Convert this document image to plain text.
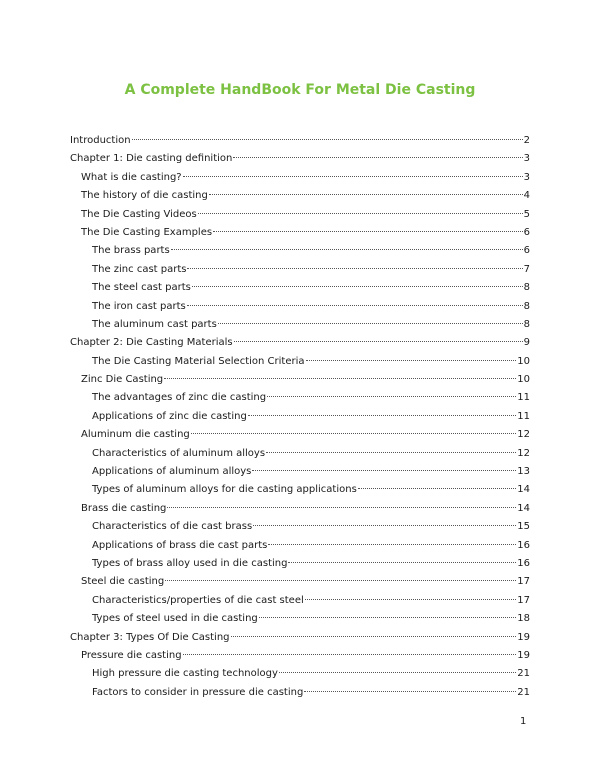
A Complete HandBook For Metal Die Casting
Introduction	2
Chapter 1: Die casting definition	3
What is die casting?	3
The history of die casting	4
The Die Casting Videos	5
The Die Casting Examples	6
The brass parts	6
The zinc cast parts	7
The steel cast parts	8
The iron cast parts	8
The aluminum cast parts	8
Chapter 2: Die Casting Materials	9
The Die Casting Material Selection Criteria	10
Zinc Die Casting	10
The advantages of zinc die casting	11
Applications of zinc die casting	11
Aluminum die casting	12
Characteristics of aluminum alloys	12
Applications of aluminum alloys	13
Types of aluminum alloys for die casting applications	14
Brass die casting	14
Characteristics of die cast brass	15
Applications of brass die cast parts	16
Types of brass alloy used in die casting	16
Steel die casting	17
Characteristics/properties of die cast steel	17
Types of steel used in die casting	18
Chapter 3: Types Of Die Casting	19
Pressure die casting	19
High pressure die casting technology	21
Factors to consider in pressure die casting	21
1
